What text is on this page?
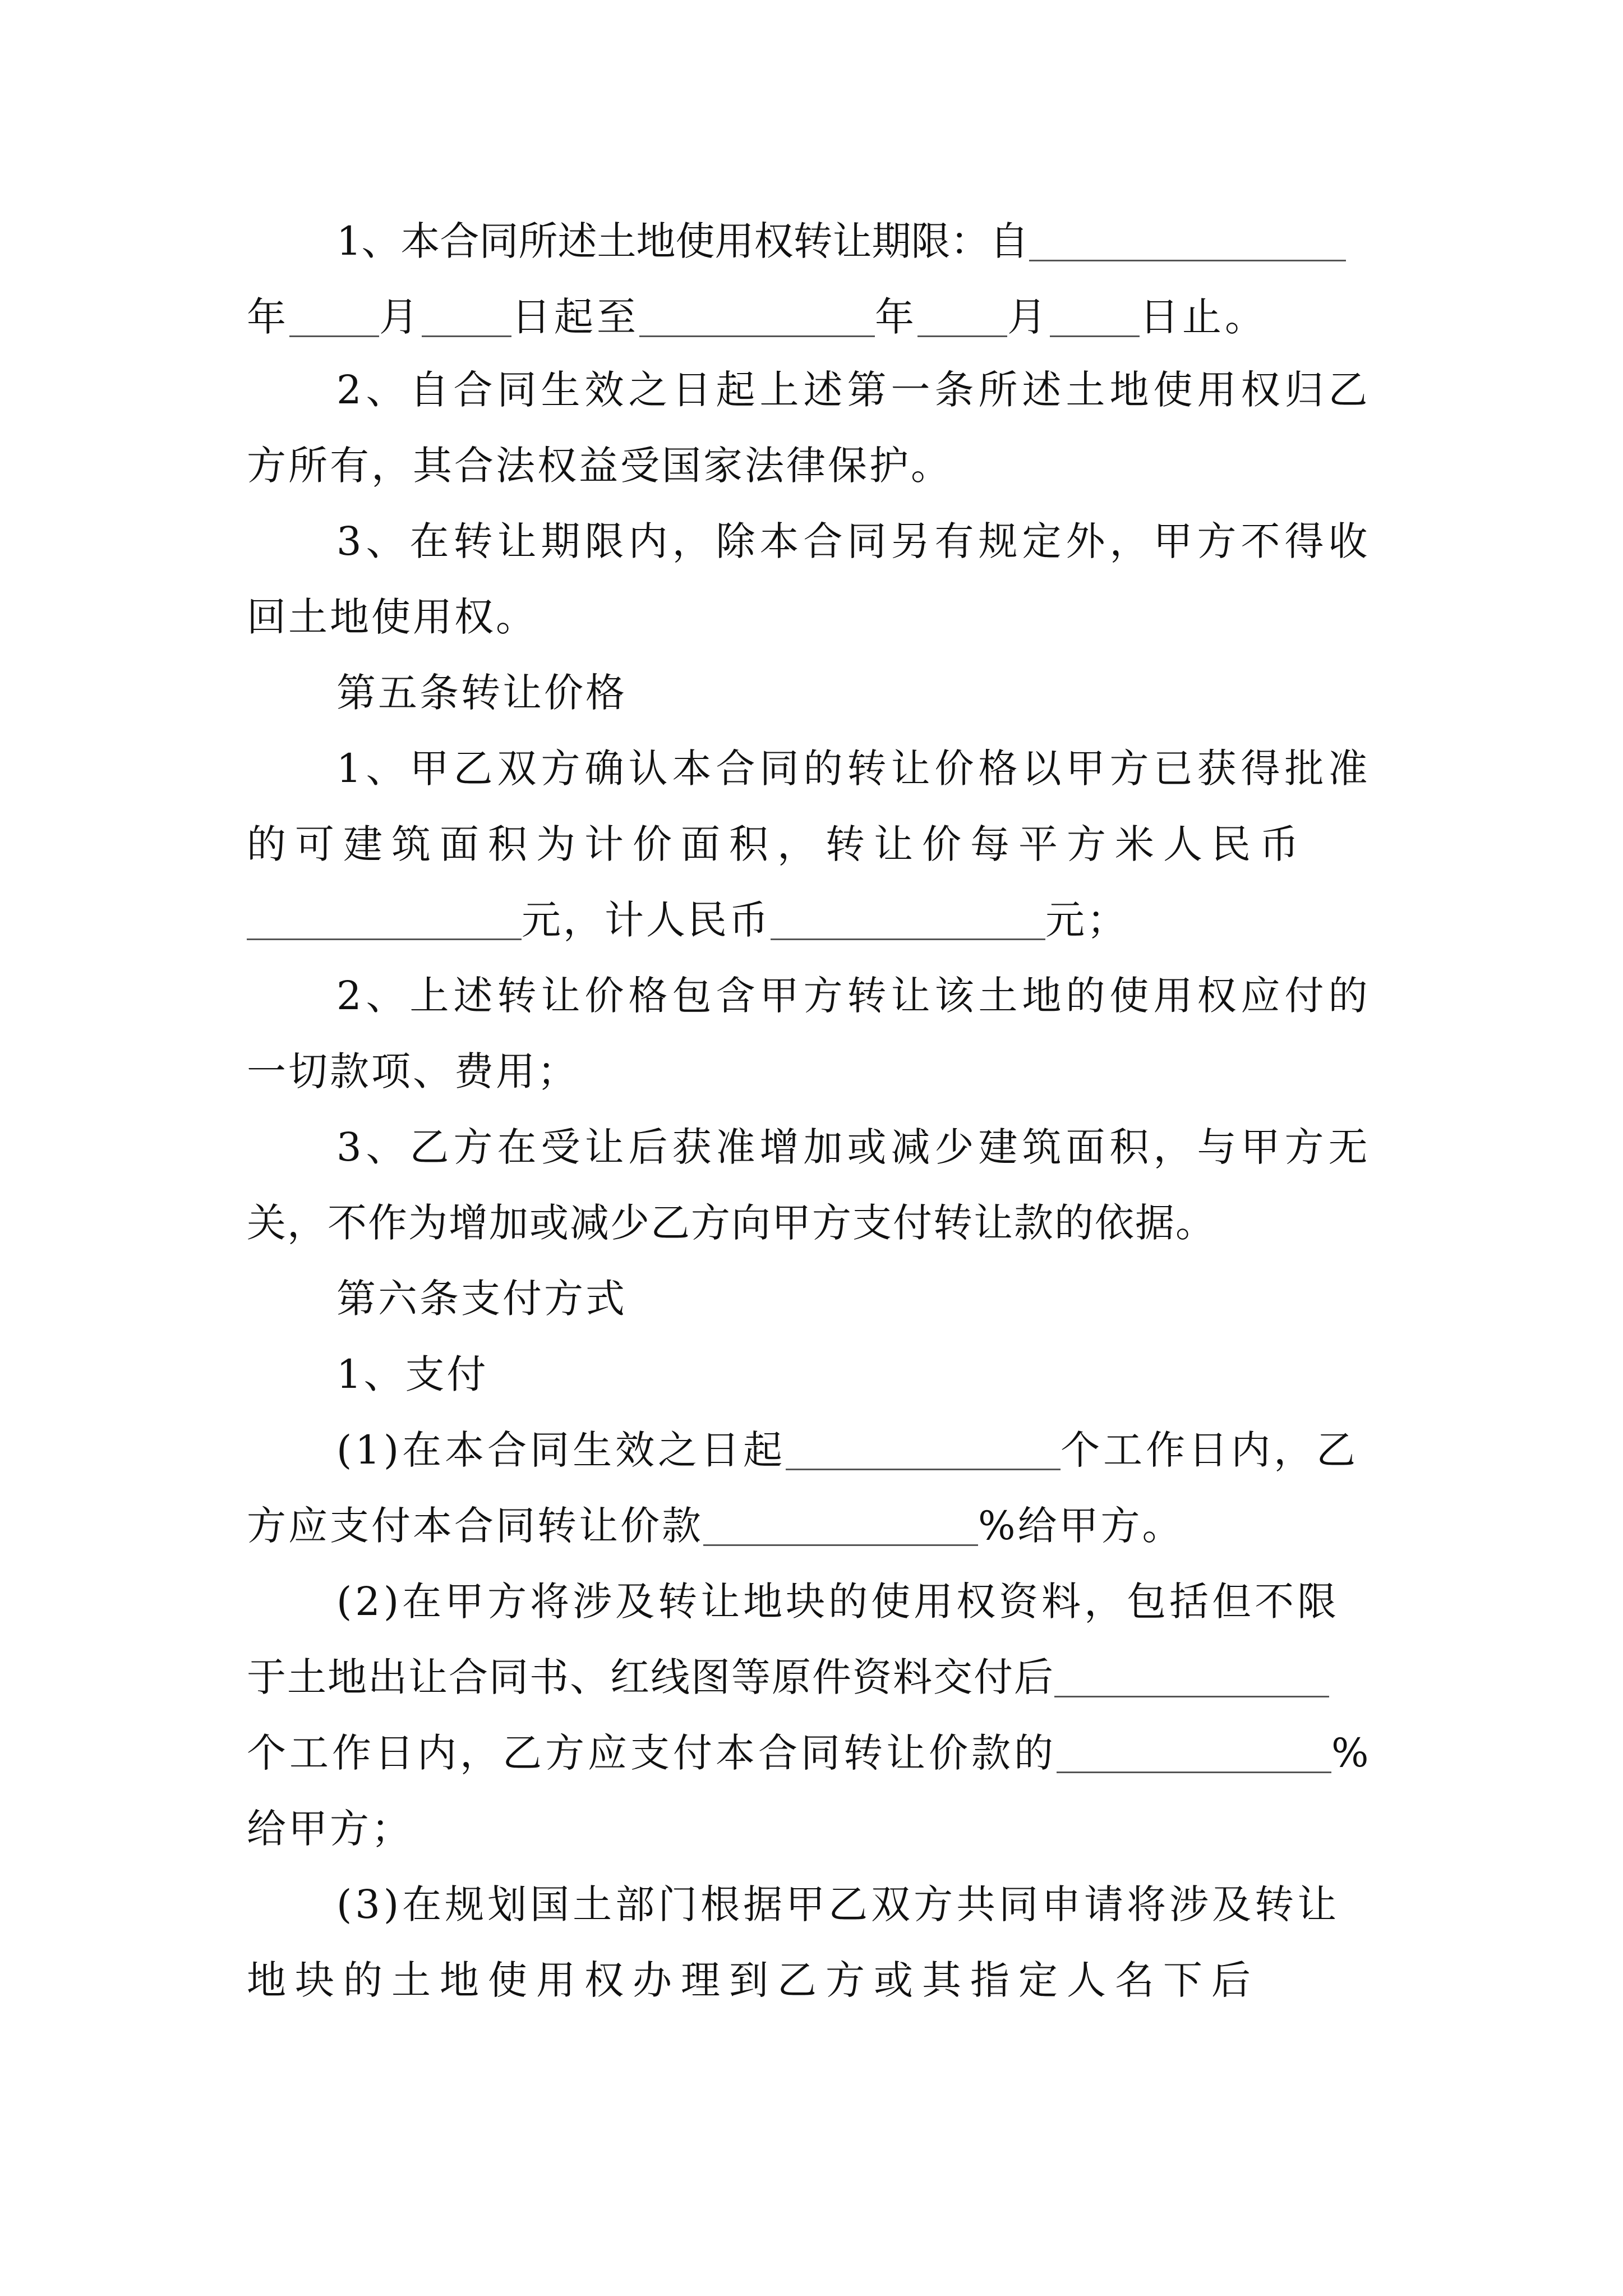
1、本合同所述土地使用权转让期限：自
年 月 日起至	年 月 日止。
2、自合同生效之日起上述第一条所述土地使用权归乙
方所有，其合法权益受国家法律保护。
3、在转让期限内，除本合同另有规定外，甲方不得收
回土地使用权。
第五条转让价格
1、甲乙双方确认本合同的转让价格以甲方已获得批准
的可建筑面积为计价面积，转让价每平方米人民币
元，计人民币	元；
2、上述转让价格包含甲方转让该土地的使用权应付的
一切款项、费用；
3、乙方在受让后获准增加或减少建筑面积，与甲方无
关，不作为增加或减少乙方向甲方支付转让款的依据。
第六条支付方式
1、支付
(1)在本合同生效之日起	个工作日内，乙
方应支付本合同转让价款	%给甲方。
(2)在甲方将涉及转让地块的使用权资料，包括但不限
于土地出让合同书、红线图等原件资料交付后
个工作日内，乙方应支付本合同转让价款的	%
给甲方；
(3)在规划国土部门根据甲乙双方共同申请将涉及转让
地块的土地使用权办理到乙方或其指定人名下后
